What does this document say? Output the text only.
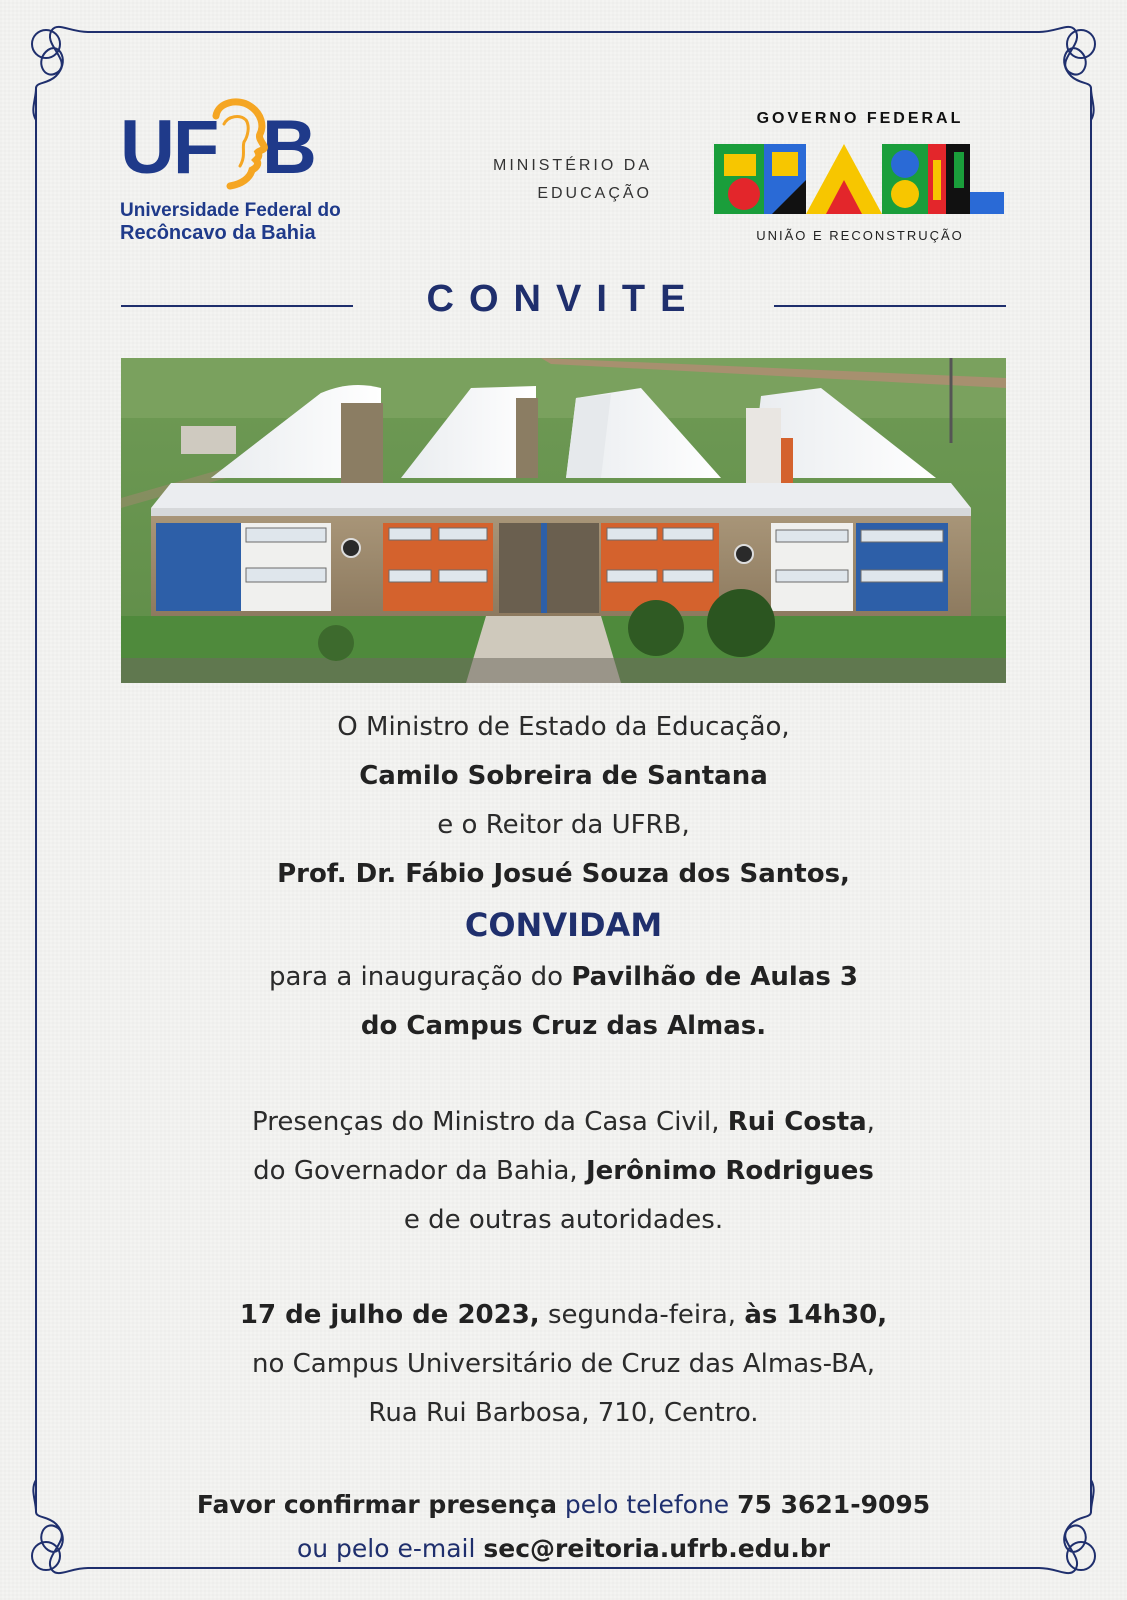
UF B
Universidade Federal do
Recôncavo da Bahia
MINISTÉRIO DA
EDUCAÇÃO
GOVERNO FEDERAL
UNIÃO E RECONSTRUÇÃO
CONVITE
O Ministro de Estado da Educação,
Camilo Sobreira de Santana
e o Reitor da UFRB,
Prof. Dr. Fábio Josué Souza dos Santos,
CONVIDAM
para a inauguração do Pavilhão de Aulas 3
do Campus Cruz das Almas.
Presenças do Ministro da Casa Civil, Rui Costa,
do Governador da Bahia, Jerônimo Rodrigues
e de outras autoridades.
17 de julho de 2023, segunda-feira, às 14h30,
no Campus Universitário de Cruz das Almas-BA,
Rua Rui Barbosa, 710, Centro.
Favor confirmar presença pelo telefone 75 3621-9095
ou pelo e-mail sec@reitoria.ufrb.edu.br
